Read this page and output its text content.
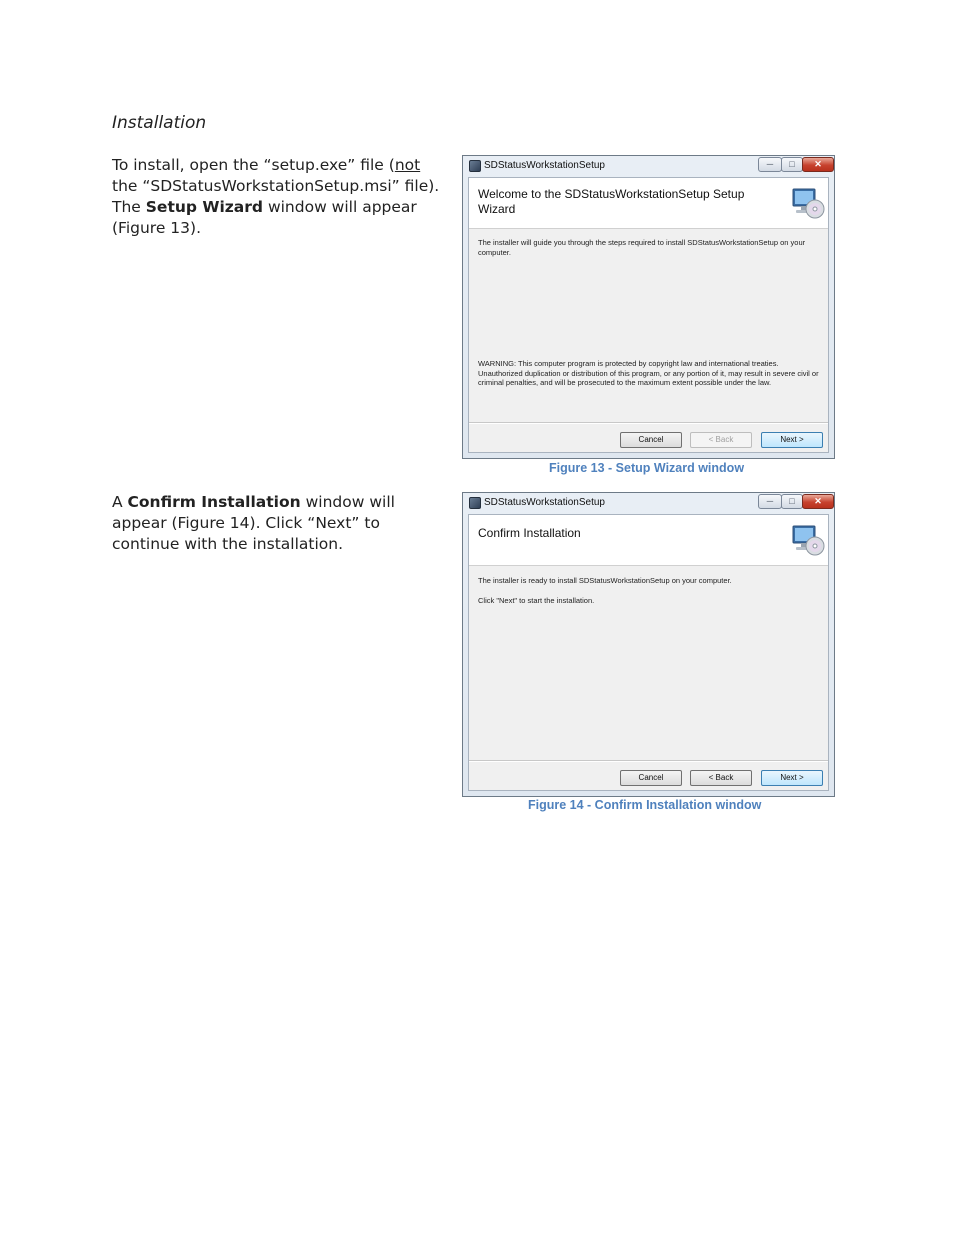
Installation
To install, open the “setup.exe” file (not the “SDStatusWorkstationSetup.msi” file). The Setup Wizard window will appear (Figure 13).
A Confirm Installation window will appear (Figure 14). Click “Next” to continue with the installation.
SDStatusWorkstationSetup	─	□	✕
Welcome to the SDStatusWorkstationSetup Setup Wizard
The installer will guide you through the steps required to install SDStatusWorkstationSetup on your computer.
WARNING: This computer program is protected by copyright law and international treaties. Unauthorized duplication or distribution of this program, or any portion of it, may result in severe civil or criminal penalties, and will be prosecuted to the maximum extent possible under the law.
Cancel	< Back	Next >
Figure 13 - Setup Wizard window
SDStatusWorkstationSetup	─	□	✕
Confirm Installation
The installer is ready to install SDStatusWorkstationSetup on your computer.
Click "Next" to start the installation.
Cancel	< Back	Next >
Figure 14 - Confirm Installation window
